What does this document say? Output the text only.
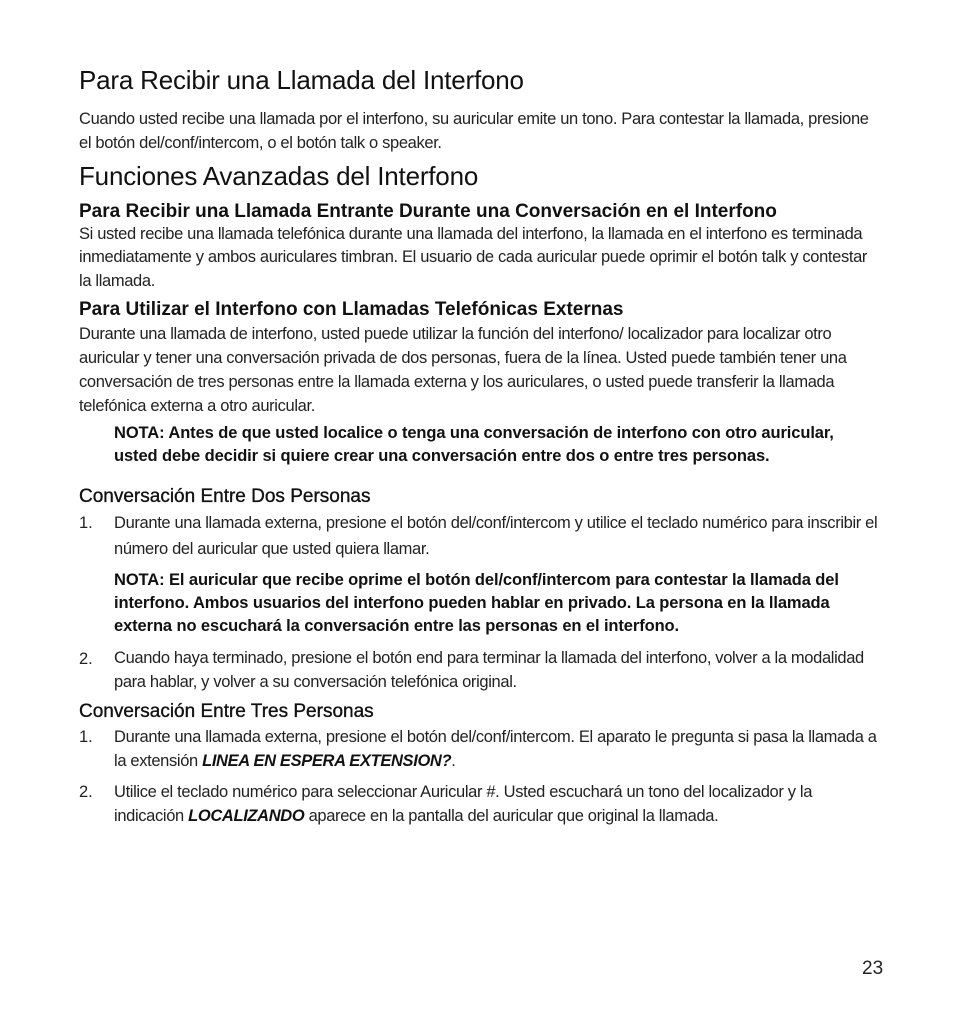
Para Recibir una Llamada del Interfono

Cuando usted recibe una llamada por el interfono, su auricular emite un tono. Para contestar la llamada, presione el botón del/conf/intercom, o el botón talk o speaker.

Funciones Avanzadas del Interfono
Para Recibir una Llamada Entrante Durante una Conversación en el Interfono

Si usted recibe una llamada telefónica durante una llamada del interfono, la llamada en el interfono es terminada inmediatamente y ambos auriculares timbran. El usuario de cada auricular puede oprimir el botón talk y contestar la llamada.

Para Utilizar el Interfono con Llamadas Telefónicas Externas

Durante una llamada de interfono, usted puede utilizar la función del interfono/ localizador para localizar otro auricular y tener una conversación privada de dos personas, fuera de la línea. Usted puede también tener una conversación de tres personas entre la llamada externa y los auriculares, o usted puede transferir la llamada telefónica externa a otro auricular.

NOTA: Antes de que usted localice o tenga una conversación de interfono con otro auricular, usted debe decidir si quiere crear una conversación entre dos o entre tres personas.

Conversación Entre Dos Personas
1. Durante una llamada externa, presione el botón del/conf/intercom y utilice el teclado numérico para inscribir el número del auricular que usted quiera llamar.

NOTA: El auricular que recibe oprime el botón del/conf/intercom para contestar la llamada del interfono. Ambos usuarios del interfono pueden hablar en privado. La persona en la llamada externa no escuchará la conversación entre las personas en el interfono.

2. Cuando haya terminado, presione el botón end para terminar la llamada del interfono, volver a la modalidad para hablar, y volver a su conversación telefónica original.

Conversación Entre Tres Personas
1. Durante una llamada externa, presione el botón del/conf/intercom. El aparato le pregunta si pasa la llamada a la extensión LINEA EN ESPERA EXTENSION?.

2. Utilice el teclado numérico para seleccionar Auricular #. Usted escuchará un tono del localizador y la indicación LOCALIZANDO aparece en la pantalla del auricular que original la llamada.

23
